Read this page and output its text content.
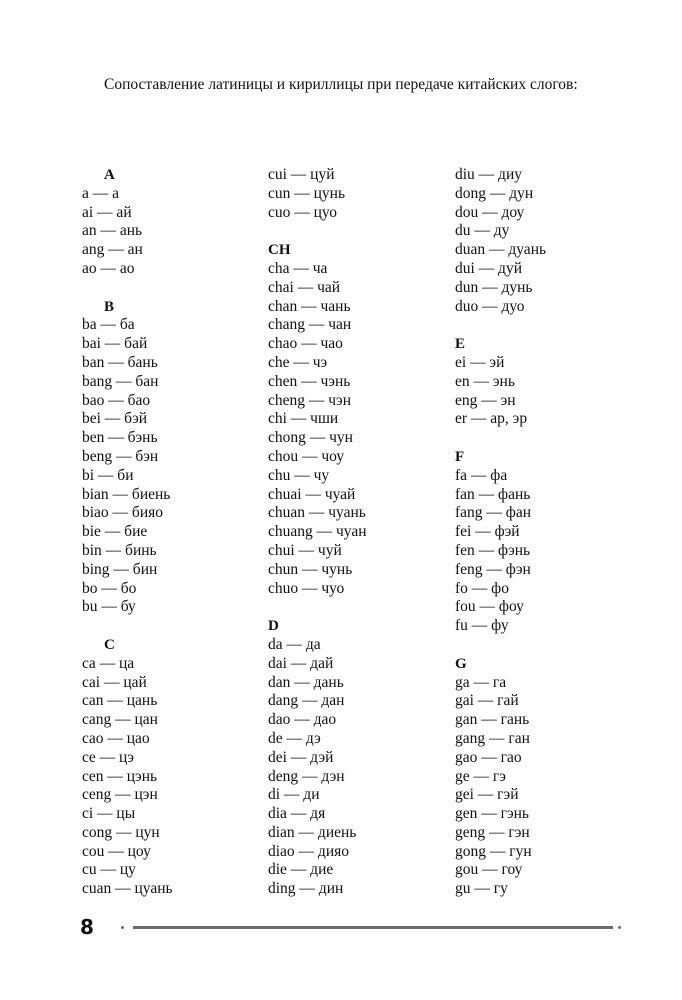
Сопоставление латиницы и кириллицы при передаче китайских слогов:

A
a — а
ai — ай
an — ань
ang — ан
ao — ао
B
ba — ба
bai — бай
ban — бань
bang — бан
bao — бао
bei — бэй
ben — бэнь
beng — бэн
bi — би
bian — биень
biao — бияо
bie — бие
bin — бинь
bing — бин
bo — бо
bu — бу
C
ca — ца
cai — цай
can — цань
cang — цан
cao — цао
ce — цэ
cen — цэнь
ceng — цэн
ci — цы
cong — цун
cou — цоу
cu — цу
cuan — цуань
cui — цуй
cun — цунь
cuo — цуо
CH
cha — ча
chai — чай
chan — чань
chang — чан
chao — чао
che — чэ
chen — чэнь
cheng — чэн
chi — чши
chong — чун
chou — чоу
chu — чу
chuai — чуай
chuan — чуань
chuang — чуан
chui — чуй
chun — чунь
chuo — чуо
D
da — да
dai — дай
dan — дань
dang — дан
dao — дао
de — дэ
dei — дэй
deng — дэн
di — ди
dia — дя
dian — диень
diao — дияо
die — дие
ding — дин
diu — диу
dong — дун
dou — доу
du — ду
duan — дуань
dui — дуй
dun — дунь
duo — дуо
E
ei — эй
en — энь
eng — эн
er — ар, эр
F
fa — фа
fan — фань
fang — фан
fei — фэй
fen — фэнь
feng — фэн
fo — фо
fou — фоу
fu — фу
G
ga — га
gai — гай
gan — гань
gang — ган
gao — гао
ge — гэ
gei — гэй
gen — гэнь
geng — гэн
gong — гун
gou — гоу
gu — гу
8
